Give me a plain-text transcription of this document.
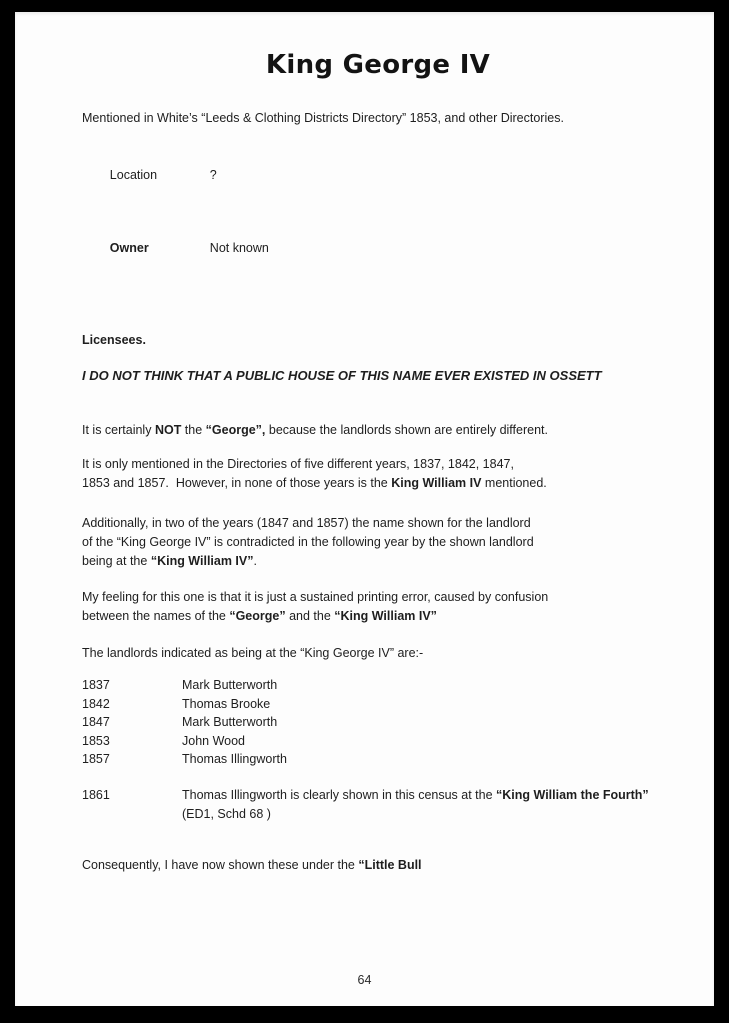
King George IV

Mentioned in White’s “Leeds & Clothing Districts Directory” 1853, and other Directories.

Location	?

Owner	Not known

Licensees.

I DO NOT THINK THAT A PUBLIC HOUSE OF THIS NAME EVER EXISTED IN OSSETT

It is certainly NOT the “George”, because the landlords shown are entirely different.

It is only mentioned in the Directories of five different years, 1837, 1842, 1847,

1853 and 1857.  However, in none of those years is the King William IV mentioned.

Additionally, in two of the years (1847 and 1857) the name shown for the landlord

of the “King George IV” is contradicted in the following year by the shown landlord

being at the “King William IV”.

My feeling for this one is that it is just a sustained printing error, caused by confusion

between the names of the “George” and the “King William IV”

The landlords indicated as being at the “King George IV” are:-

1837	Mark Butterworth
1842	Thomas Brooke
1847	Mark Butterworth
1853	John Wood
1857	Thomas Illingworth
1861	Thomas Illingworth is clearly shown in this census at the “King William the Fourth”

(ED1, Schd 68 )

Consequently, I have now shown these under the “Little Bull

64
